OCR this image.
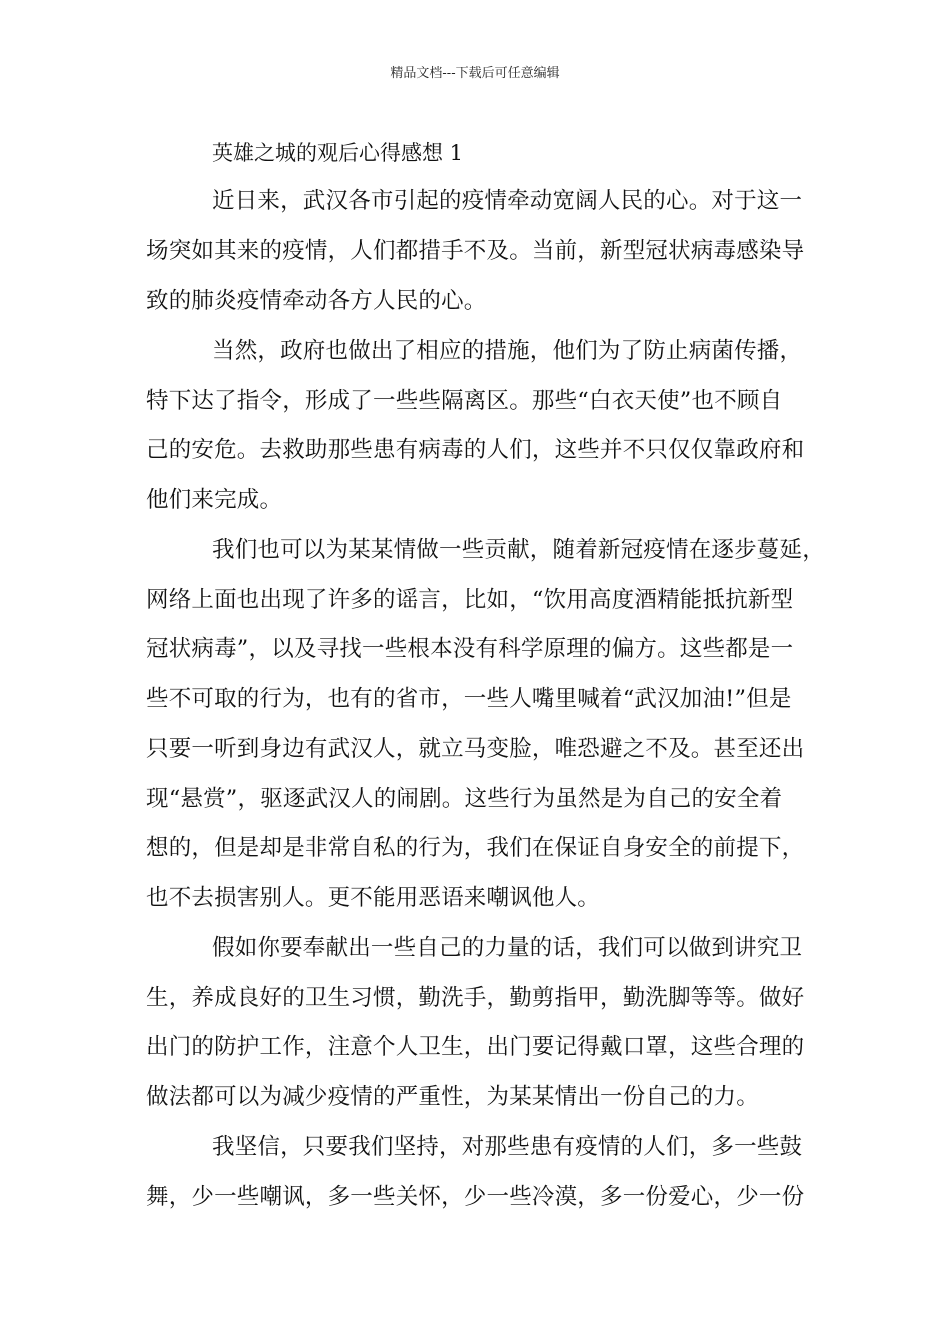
精品文档---下载后可任意编辑
英雄之城的观后心得感想 1
近日来，武汉各市引起的疫情牵动宽阔人民的心。对于这一
场突如其来的疫情，人们都措手不及。当前，新型冠状病毒感染导
致的肺炎疫情牵动各方人民的心。
当然，政府也做出了相应的措施，他们为了防止病菌传播，
特下达了指令，形成了一些些隔离区。那些“白衣天使”也不顾自
己的安危。去救助那些患有病毒的人们，这些并不只仅仅靠政府和
他们来完成。
我们也可以为某某情做一些贡献，随着新冠疫情在逐步蔓延，
网络上面也出现了许多的谣言，比如，“饮用高度酒精能抵抗新型
冠状病毒”，以及寻找一些根本没有科学原理的偏方。这些都是一
些不可取的行为，也有的省市，一些人嘴里喊着“武汉加油!”但是
只要一听到身边有武汉人，就立马变脸，唯恐避之不及。甚至还出
现“悬赏”，驱逐武汉人的闹剧。这些行为虽然是为自己的安全着
想的，但是却是非常自私的行为，我们在保证自身安全的前提下，
也不去损害别人。更不能用恶语来嘲讽他人。
假如你要奉献出一些自己的力量的话，我们可以做到讲究卫
生，养成良好的卫生习惯，勤洗手，勤剪指甲，勤洗脚等等。做好
出门的防护工作，注意个人卫生，出门要记得戴口罩，这些合理的
做法都可以为减少疫情的严重性，为某某情出一份自己的力。
我坚信，只要我们坚持，对那些患有疫情的人们，多一些鼓
舞，少一些嘲讽，多一些关怀，少一些冷漠，多一份爱心，少一份
